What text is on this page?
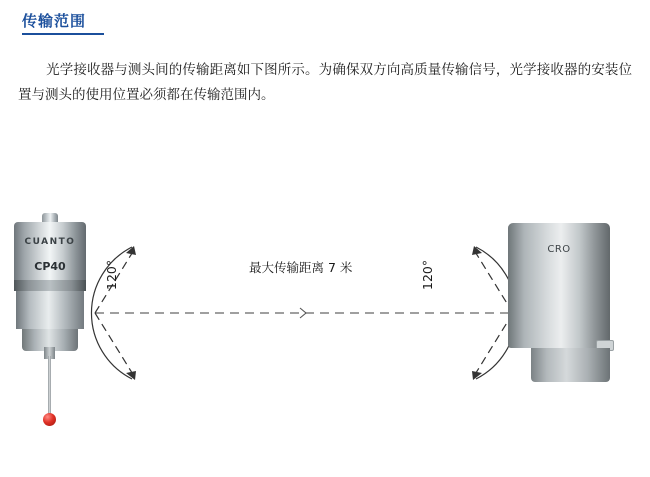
传输范围

光学接收器与测头间的传输距离如下图所示。为确保双方向高质量传输信号，光学接收器的安装位置与测头的使用位置必须都在传输范围内。

CUANTO
CP40
CRO
最大传输距离 7 米
120°	120°
